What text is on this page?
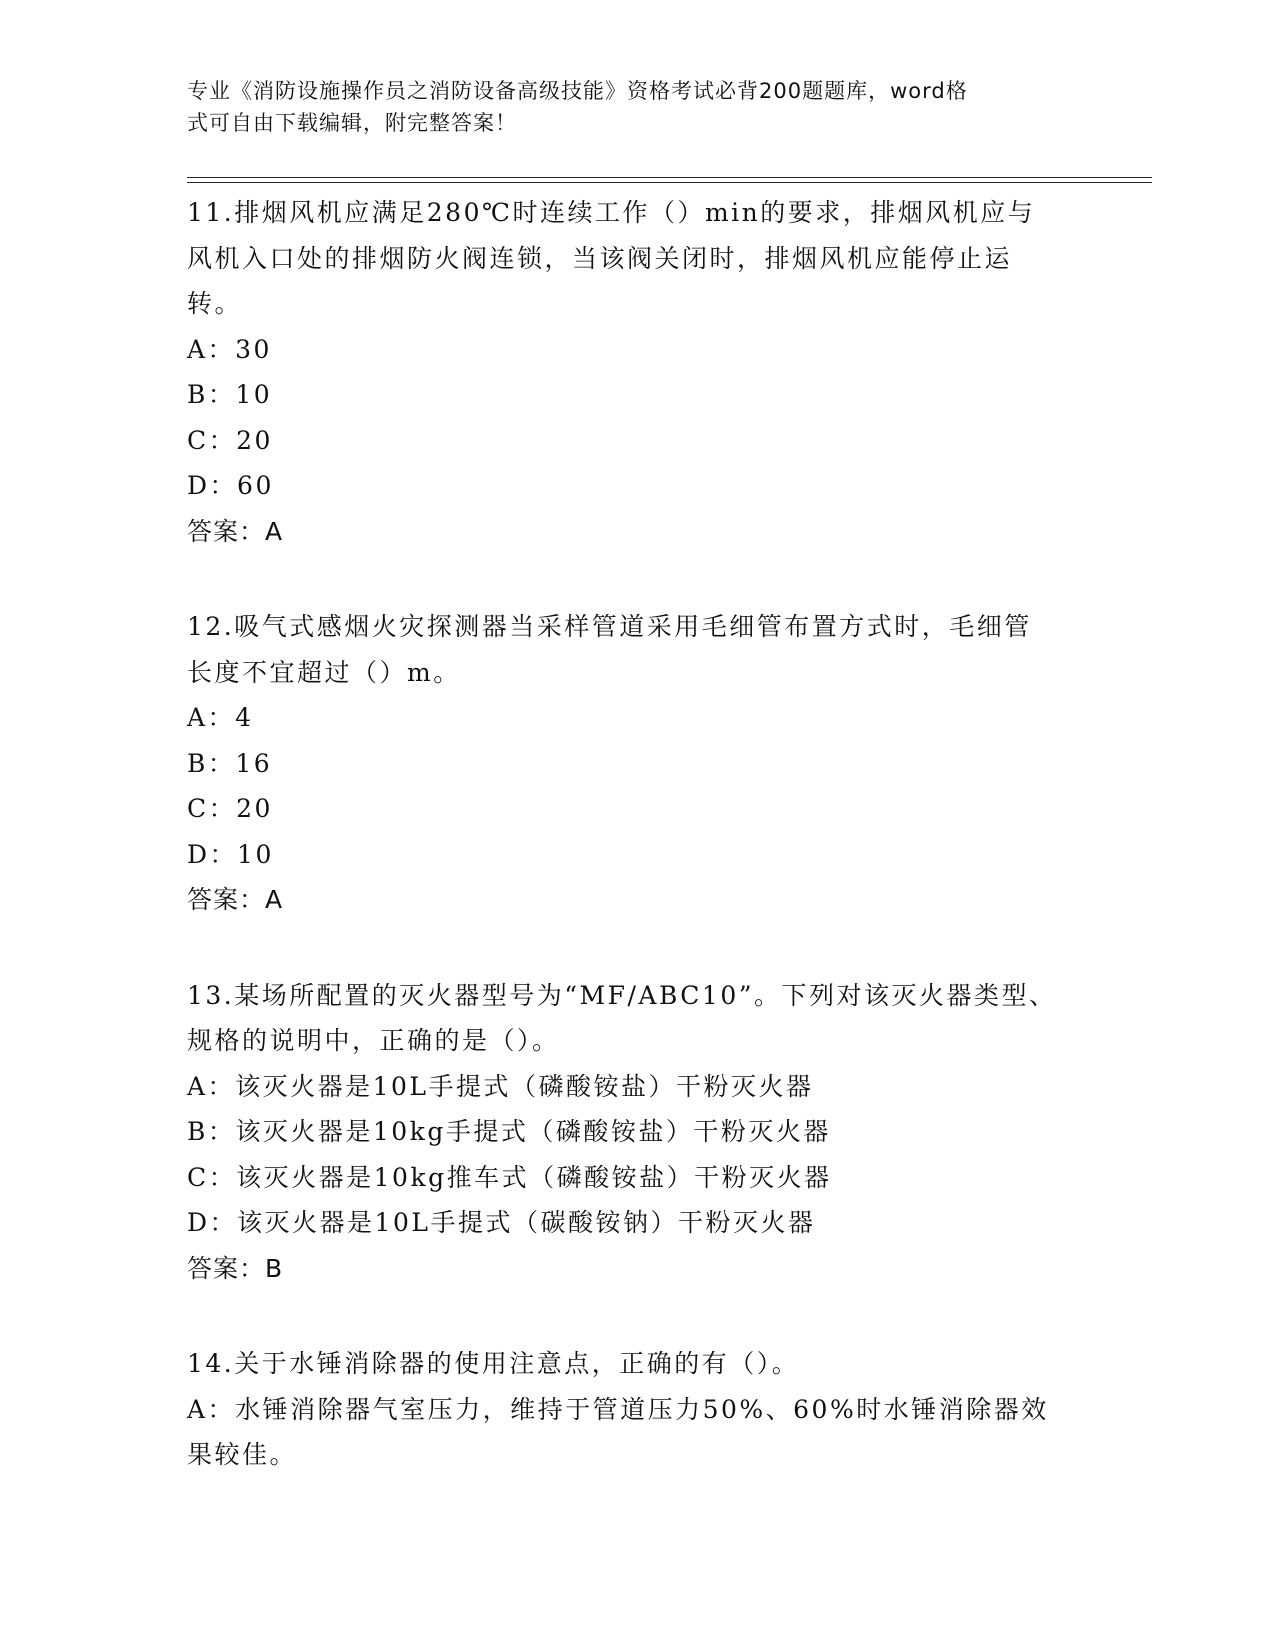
专业《消防设施操作员之消防设备高级技能》资格考试必背200题题库，word格
式可自由下载编辑，附完整答案！
11.排烟风机应满足280℃时连续工作（）min的要求，排烟风机应与
风机入口处的排烟防火阀连锁，当该阀关闭时，排烟风机应能停止运
转。
A：30
B：10
C：20
D：60
答案：A
12.吸气式感烟火灾探测器当采样管道采用毛细管布置方式时，毛细管
长度不宜超过（）m。
A：4
B：16
C：20
D：10
答案：A
13.某场所配置的灭火器型号为“MF/ABC10”。下列对该灭火器类型、
规格的说明中，正确的是（）。
A：该灭火器是10L手提式（磷酸铵盐）干粉灭火器
B：该灭火器是10kg手提式（磷酸铵盐）干粉灭火器
C：该灭火器是10kg推车式（磷酸铵盐）干粉灭火器
D：该灭火器是10L手提式（碳酸铵钠）干粉灭火器
答案：B
14.关于水锤消除器的使用注意点，正确的有（）。
A：水锤消除器气室压力，维持于管道压力50%、60%时水锤消除器效果较佳。
